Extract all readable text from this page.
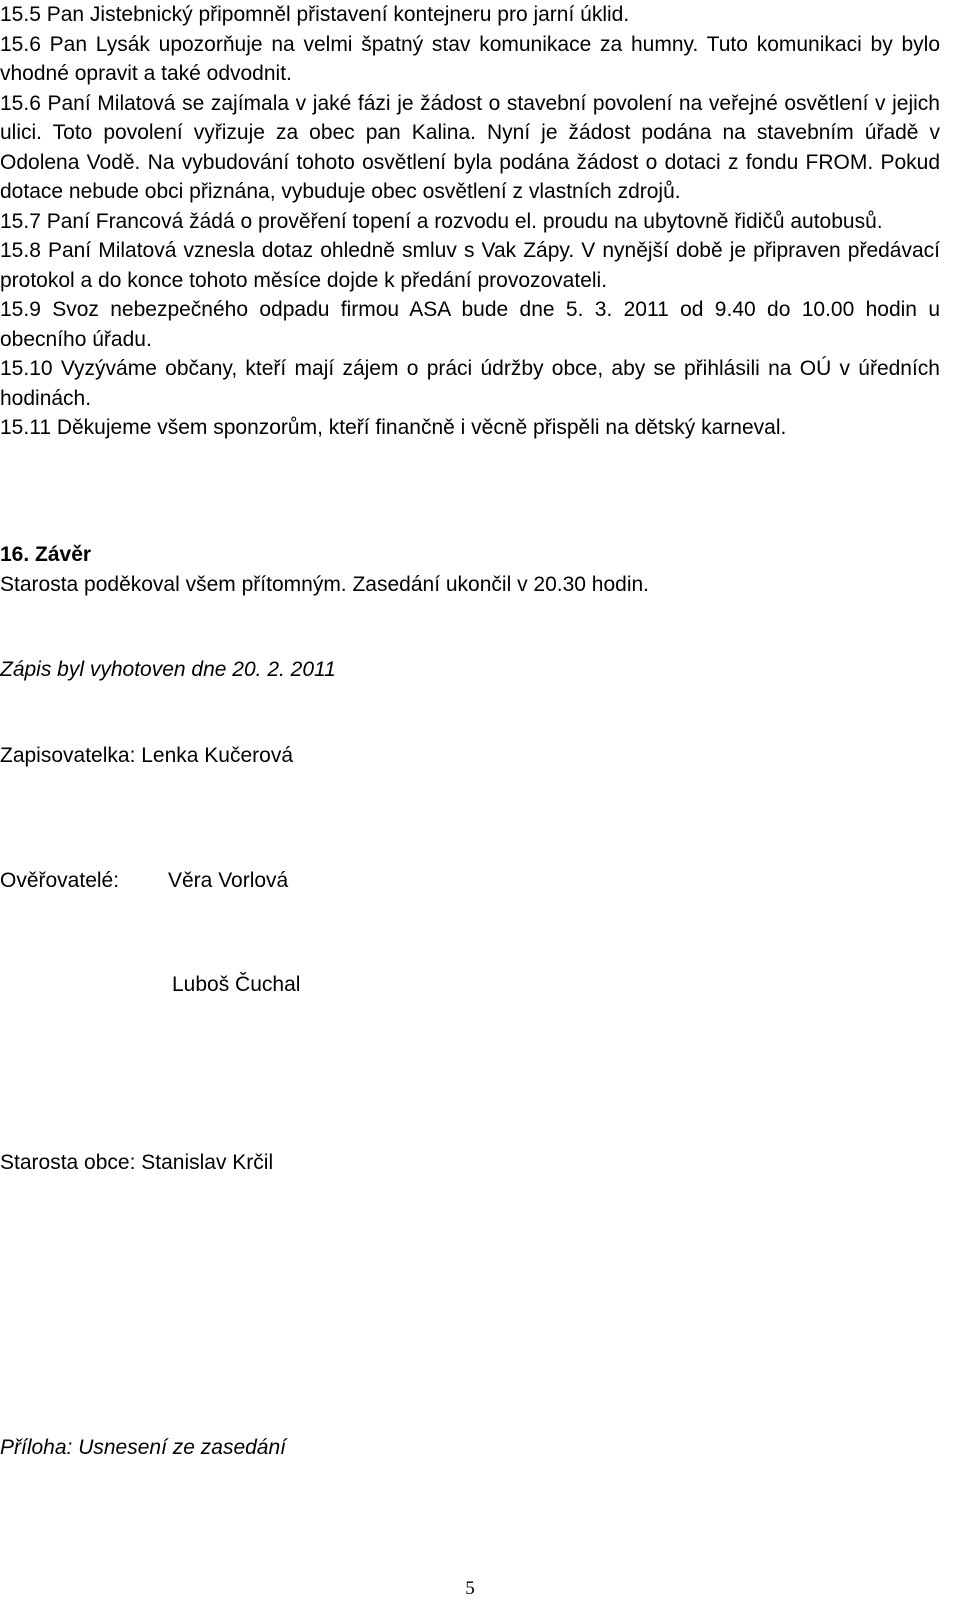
15.5 Pan Jistebnický připomněl přistavení kontejneru pro jarní úklid.

15.6 Pan Lysák upozorňuje na velmi špatný stav komunikace za humny. Tuto komunikaci by bylo vhodné opravit a také odvodnit.

15.6 Paní Milatová se zajímala v jaké fázi je žádost o stavební povolení na veřejné osvětlení v jejich ulici. Toto povolení vyřizuje za obec pan Kalina. Nyní je žádost podána na stavebním úřadě v Odolena Vodě. Na vybudování tohoto osvětlení byla podána žádost o dotaci z fondu FROM. Pokud dotace nebude obci přiznána, vybuduje obec osvětlení z vlastních zdrojů.

15.7 Paní Francová žádá o prověření topení a rozvodu el. proudu na ubytovně řidičů autobusů.

15.8 Paní Milatová vznesla dotaz ohledně smluv s Vak Zápy. V nynější době je připraven předávací protokol a do konce tohoto měsíce dojde k předání provozovateli.

15.9 Svoz nebezpečného odpadu firmou ASA bude dne 5. 3. 2011 od 9.40 do 10.00 hodin u obecního úřadu.

15.10 Vyzýváme občany, kteří mají zájem o práci údržby obce, aby se přihlásili na OÚ v úředních hodinách.

15.11 Děkujeme všem sponzorům, kteří finančně i věcně přispěli na dětský karneval.

16. Závěr
Starosta poděkoval všem přítomným. Zasedání ukončil v 20.30 hodin.
Zápis byl vyhotoven dne 20. 2. 2011
Zapisovatelka: Lenka Kučerová
Ověřovatelé: Věra Vorlová
Luboš Čuchal
Starosta obce: Stanislav Krčil
Příloha: Usnesení ze zasedání
5
